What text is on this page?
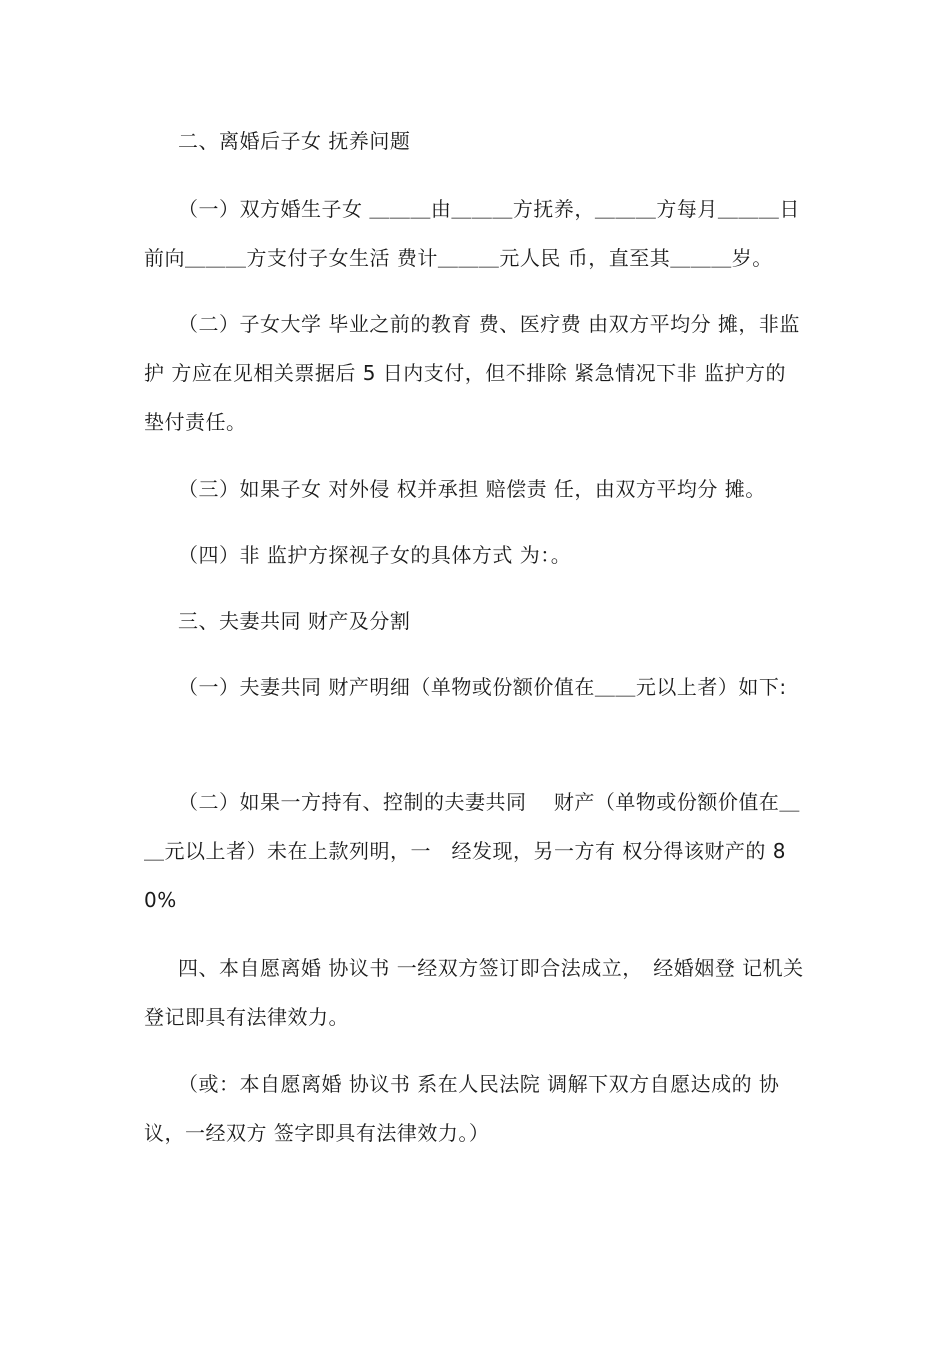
二、离婚后子女 抚养问题

（一）双方婚生子女 ＿＿＿由＿＿＿方抚养，＿＿＿方每月＿＿＿日前向＿＿＿方支付子女生活 费计＿＿＿元人民 币，直至其＿＿＿岁。

（二）子女大学 毕业之前的教育 费、医疗费 由双方平均分 摊，非监护 方应在见相关票据后 5 日内支付，但不排除 紧急情况下非 监护方的垫付责任。

（三）如果子女 对外侵 权并承担 赔偿责 任，由双方平均分 摊。

（四）非 监护方探视子女的具体方式 为：。

三、夫妻共同 财产及分割

（一）夫妻共同 财产明细（单物或份额价值在＿＿元以上者）如下:

（二）如果一方持有、控制的夫妻共同　 财产（单物或份额价值在＿＿元以上者）未在上款列明，一　经发现，另一方有 权分得该财产的 80%

四、本自愿离婚 协议书 一经双方签订即合法成立，　经婚姻登 记机关登记即具有法律效力。

（或：本自愿离婚 协议书 系在人民法院 调解下双方自愿达成的 协议，一经双方 签字即具有法律效力。）
